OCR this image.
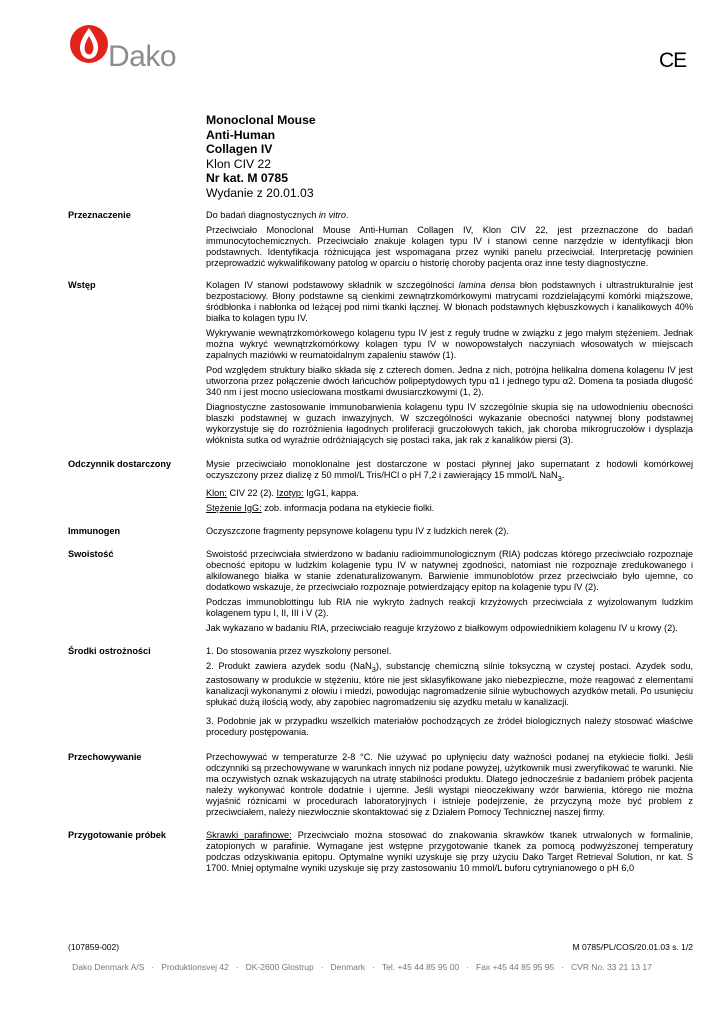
Dako	CE
Monoclonal Mouse
Anti-Human
Collagen IV
Klon CIV 22
Nr kat. M 0785
Wydanie z 20.01.03
Przeznaczenie	Do badań diagnostycznych in vitro.

Przeciwciało Monoclonal Mouse Anti-Human Collagen IV, Klon CIV 22, jest przeznaczone do badań immunocytochemicznych. Przeciwciało znakuje kolagen typu IV i stanowi cenne narzędzie w identyfikacji błon podstawnych. Identyfikacja różnicująca jest wspomagana przez wyniki panelu przeciwciał. Interpretację powinien przeprowadzić wykwalifikowany patolog w oparciu o historię choroby pacjenta oraz inne testy diagnostyczne.

Wstęp	Kolagen IV stanowi podstawowy składnik w szczególności lamina densa błon podstawnych i ultrastrukturalnie jest bezpostaciowy. Błony podstawne są cienkimi zewnątrzkomórkowymi matrycami rozdzielającymi komórki miąższowe, śródbłonka i nabłonka od leżącej pod nimi tkanki łącznej. W błonach podstawnych kłębuszkowych i kanalikowych 40% białka to kolagen typu IV.

Wykrywanie wewnątrzkomórkowego kolagenu typu IV jest z reguły trudne w związku z jego małym stężeniem. Jednak można wykryć wewnątrzkomórkowy kolagen typu IV w nowopowstałych naczyniach włosowatych w miejscach zapalnych maziówki w reumatoidalnym zapaleniu stawów (1).

Pod względem struktury białko składa się z czterech domen. Jedna z nich, potrójna helikalna domena kolagenu IV jest utworzona przez połączenie dwóch łańcuchów polipeptydowych typu α1 i jednego typu α2. Domena ta posiada długość 340 nm i jest mocno usieciowana mostkami dwusiarczkowymi (1, 2).

Diagnostyczne zastosowanie immunobarwienia kolagenu typu IV szczególnie skupia się na udowodnieniu obecności blaszki podstawnej w guzach inwazyjnych. W szczególności wykazanie obecności natywnej błony podstawnej wykorzystuje się do rozróżnienia łagodnych proliferacji gruczołowych takich, jak choroba mikrogruczołów i dysplazja włóknista sutka od wyraźnie odróżniających się postaci raka, jak rak z kanalików piersi (3).

Odczynnik dostarczony	Mysie przeciwciało monoklonalne jest dostarczone w postaci płynnej jako supernatant z hodowli komórkowej oczyszczony przez dializę z 50 mmol/L Tris/HCl o pH 7,2 i zawierający 15 mmol/L NaN$_3$.

Klon: CIV 22 (2). Izotyp: IgG1, kappa.

Stężenie IgG: zob. informacja podana na etykiecie fiolki.

Immunogen	Oczyszczone fragmenty pepsynowe kolagenu typu IV z ludzkich nerek (2).

Swoistość	Swoistość przeciwciała stwierdzono w badaniu radioimmunologicznym (RIA) podczas którego przeciwciało rozpoznaje obecność epitopu w ludzkim kolagenie typu IV w natywnej zgodności, natomiast nie rozpoznaje zredukowanego i alkilowanego białka w stanie zdenaturalizowanym. Barwienie immunoblotów przez przeciwciało było ujemne, co dodatkowo wskazuje, że przeciwciało rozpoznaje potwierdzający epitop na kolagenie typu IV (2).

Podczas immunoblottingu lub RIA nie wykryto żadnych reakcji krzyżowych przeciwciała z wyizolowanym ludzkim kolagenem typu I, II, III i V (2).

Jak wykazano w badaniu RIA, przeciwciało reaguje krzyżowo z białkowym odpowiednikiem kolagenu IV u krowy (2).

Środki ostrożności	1. Do stosowania przez wyszkolony personel.

2. Produkt zawiera azydek sodu (NaN$_3$), substancję chemiczną silnie toksyczną w czystej postaci. Azydek sodu, zastosowany w produkcie w stężeniu, które nie jest sklasyfikowane jako niebezpieczne, może reagować z elementami kanalizacji wykonanymi z ołowiu i miedzi, powodując nagromadzenie silnie wybuchowych azydków metali. Po usunięciu spłukać dużą ilością wody, aby zapobiec nagromadzeniu się azydku metalu w kanalizacji.

3. Podobnie jak w przypadku wszelkich materiałów pochodzących ze źródeł biologicznych należy stosować właściwe procedury postępowania.

Przechowywanie	Przechowywać w temperaturze 2-8 °C. Nie używać po upłynięciu daty ważności podanej na etykiecie fiolki. Jeśli odczynniki są przechowywane w warunkach innych niż podane powyżej, użytkownik musi zweryfikować te warunki. Nie ma oczywistych oznak wskazujących na utratę stabilności produktu. Dlatego jednocześnie z badaniem próbek pacjenta należy wykonywać kontrole dodatnie i ujemne. Jeśli wystąpi nieoczekiwany wzór barwienia, którego nie można wyjaśnić różnicami w procedurach laboratoryjnych i istnieje podejrzenie, że przyczyną może być problem z przeciwciałem, należy niezwłocznie skontaktować się z Działem Pomocy Technicznej naszej firmy.

Przygotowanie próbek	Skrawki parafinowe: Przeciwciało można stosować do znakowania skrawków tkanek utrwalonych w formalinie, zatopionych w parafinie. Wymagane jest wstępne przygotowanie tkanek za pomocą podwyższonej temperatury podczas odzyskiwania epitopu. Optymalne wyniki uzyskuje się przy użyciu Dako Target Retrieval Solution, nr kat. S 1700. Mniej optymalne wyniki uzyskuje się przy zastosowaniu 10 mmol/L buforu cytrynianowego o pH 6,0

(107859-002)	M 0785/PL/COS/20.01.03 s. 1/2
Dako Denmark A/S · Produktionsvej 42 · DK-2600 Glostrup · Denmark · Tel. +45 44 85 95 00 · Fax +45 44 85 95 95 · CVR No. 33 21 13 17
